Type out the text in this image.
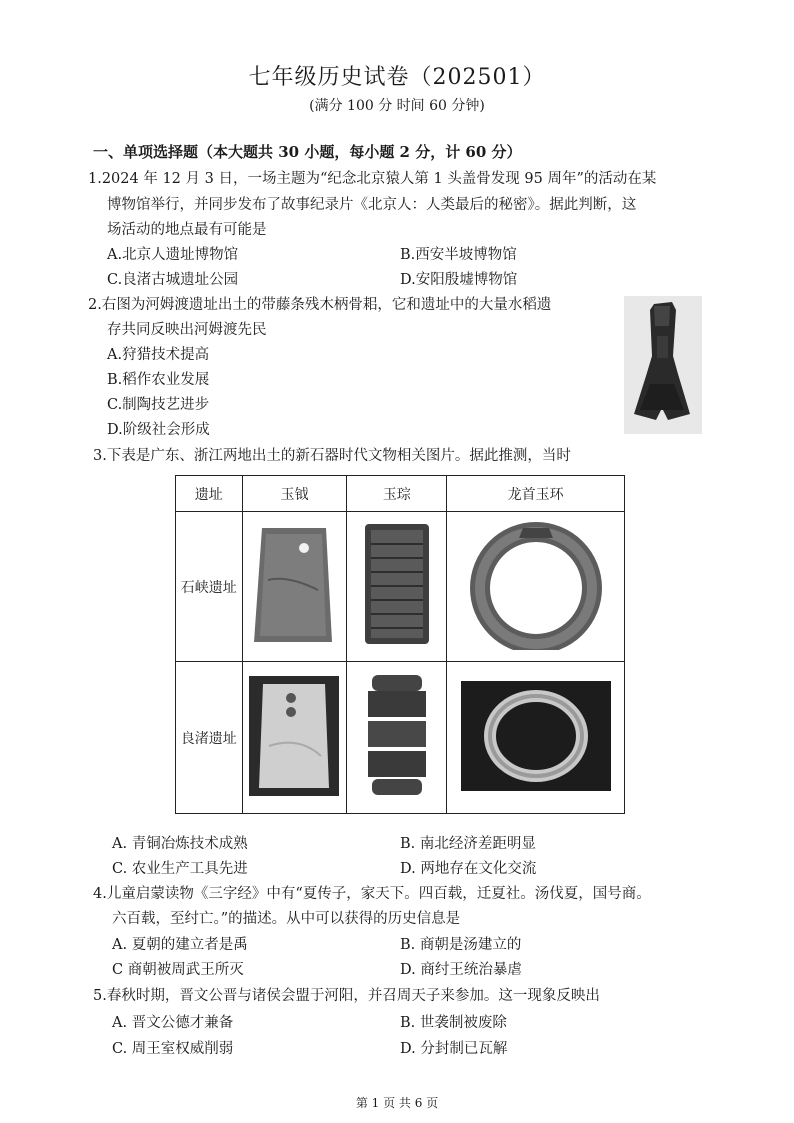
七年级历史试卷（202501）
(满分 100 分 时间 60 分钟)
一、单项选择题（本大题共 30 小题，每小题 2 分，计 60 分）
1.2024 年 12 月 3 日，一场主题为“纪念北京猿人第 1 头盖骨发现 95 周年”的活动在某
博物馆举行，并同步发布了故事纪录片《北京人：人类最后的秘密》。据此判断，这
场活动的地点最有可能是
A.北京人遗址博物馆	B.西安半坡博物馆
C.良渚古城遗址公园	D.安阳殷墟博物馆
2.右图为河姆渡遗址出土的带藤条残木柄骨耜，它和遗址中的大量水稻遗
存共同反映出河姆渡先民
A.狩猎技术提高
B.稻作农业发展
C.制陶技艺进步
D.阶级社会形成
3.下表是广东、浙江两地出土的新石器时代文物相关图片。据此推测，当时
遗址	玉钺	玉琮	龙首玉环
石峡遗址			
良渚遗址			
A. 青铜冶炼技术成熟	B. 南北经济差距明显
C. 农业生产工具先进	D. 两地存在文化交流
4.儿童启蒙读物《三字经》中有“夏传子，家天下。四百载，迁夏社。汤伐夏，国号商。
六百载，至纣亡。”的描述。从中可以获得的历史信息是
A. 夏朝的建立者是禹	B. 商朝是汤建立的
C 商朝被周武王所灭	D. 商纣王统治暴虐
5.春秋时期，晋文公晋与诸侯会盟于河阳，并召周天子来参加。这一现象反映出
A. 晋文公德才兼备	B. 世袭制被废除
C. 周王室权威削弱	D. 分封制已瓦解
第 1 页 共 6 页
